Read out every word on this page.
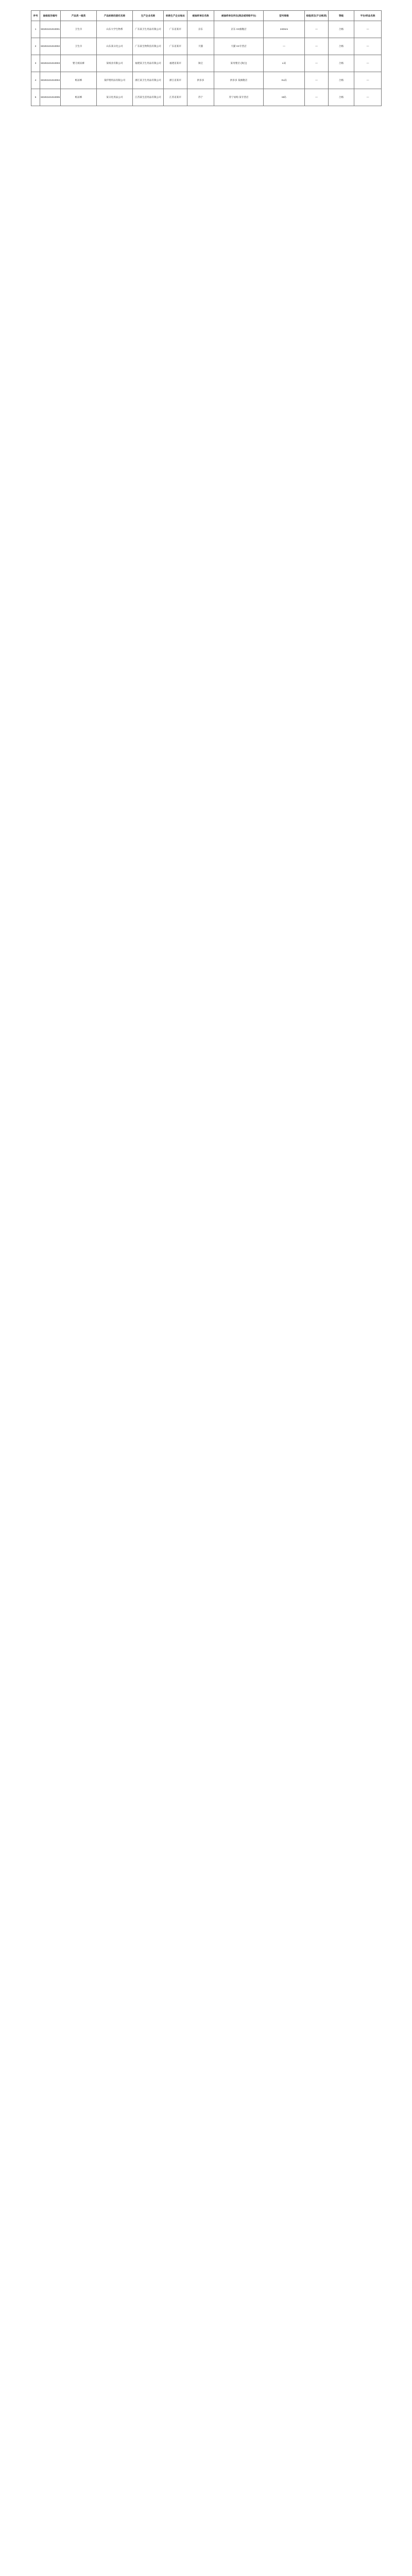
序号	抽检报告编号	产品类一级类	产品标称的委托名称	生产企业名称	标称生产企业地址	被抽样单位名称	被抽样单位所在(网店或网络平台)	型号规格	检验项目(不合格项)	等级	平台/样品名称
1	SD202101010001	卫生巾	山东大学生物系	广东某卫生用品有限公司	广东省某市	京东	京东 XX旗舰店	240mm	—	合格	—
2	SD202101010002	卫生巾	山东某日化公司	广东某生物科技有限公司	广东省某市	天猫	天猫 XX专营店	—	—	合格	—
3	SD202101010003	婴儿纸尿裤	某纸业有限公司	福建某卫生用品有限公司	福建省某市	淘宝	某母婴店 (淘宝)	L码	—	合格	—
4	SD202101010004	纸尿裤	某护理用品有限公司	浙江某卫生用品有限公司	浙江省某市	拼多多	拼多多 某旗舰店	XL码	—	合格	—
5	SD202101010005	纸尿裤	某日化用品公司	江苏某生活用品有限公司	江苏省某市	苏宁	苏宁易购 某专营店	M码	—	合格	—
